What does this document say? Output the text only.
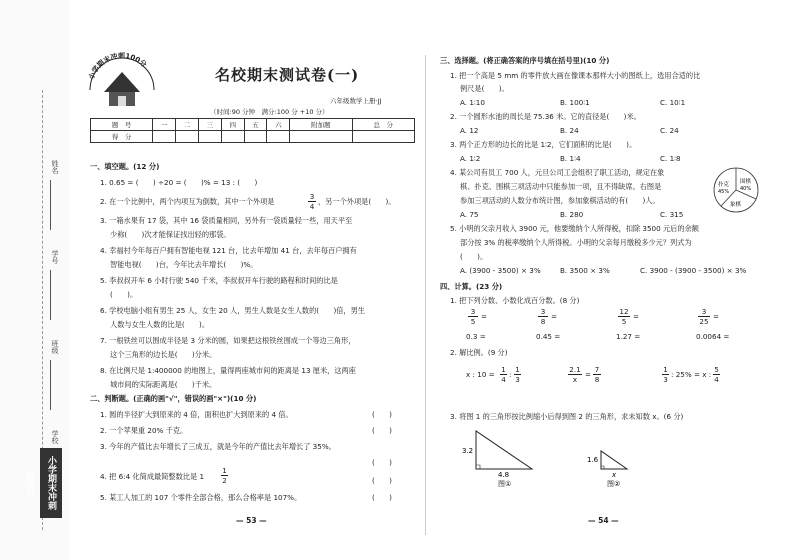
姓名
学号
班级
学校
小学期末冲刺100分
小学期末冲刺100分
名校期末测试卷(一)
六年级数学上册·JJ
（时间:90 分钟　满分:100 分 +10 分）
题　号	一	二	三	四	五	六	附加题	总　分
得　分								
一、填空题。(12 分)
1. 0.65 = (　　) ÷20 = (　　)% = 13 : (　　)
2. 在一个比例中，两个内项互为倒数，其中一个外项是	$\frac{3}{4}$ ，另一个外项是(　　)。
3. 一箱水果有 17 袋，其中 16 袋质量相同，另外有一袋质量轻一些，用天平至
少称(　　)次才能保证找出轻的那袋。
4. 幸福村今年每百户拥有智能电视 121 台，比去年增加 41 台，去年每百户拥有
智能电视(　　)台，今年比去年增长(　　)%。
5. 李叔叔开车 6 小时行驶 540 千米，李叔叔开车行驶的路程和时间的比是
(　　)。
6. 学校电脑小组有男生 25 人，女生 20 人，男生人数是女生人数的(　　)倍，男生
人数与女生人数的比是(　　)。
7. 一根铁丝可以围成半径是 3 分米的圆，如果把这根铁丝围成一个等边三角形，
这个三角形的边长是(　　)分米。
8. 在比例尺是 1:400000 的地图上，量得两座城市间的距离是 13 厘米，这两座
城市间的实际距离是(　　)千米。
二、判断题。(正确的画"√"，错误的画"×")(10 分)
1. 圆的半径扩大到原来的 4 倍，面积也扩大到原来的 4 倍。	(　　)
2. 一个苹果重 20% 千克。	(　　)
3. 今年的产值比去年增长了三成五，就是今年的产值比去年增长了 35%。
(　　)
4. 把 6:4 化简成最简整数比是 $1 \frac{1}{2}$	(　　)
5. 某工人加工的 107 个零件全部合格，那么合格率是 107%。	(　　)
— 53 —
三、选择题。(将正确答案的序号填在括号里)(10 分)
1. 把一个高是 5 mm 的零件放大画在像课本那样大小的图纸上，选用合适的比
例尺是(　　)。
A. 1∶10	B. 100∶1	C. 10∶1
2. 一个圆形水池的周长是 75.36 米。它的直径是(　　)米。
A. 12	B. 24	C. 24
3. 两个正方形的边长的比是 1∶2，它们面积的比是(　　)。
A. 1∶2	B. 1∶4	C. 1∶8
4. 某公司有员工 700 人，元旦公司工会组织了职工活动，规定在象
棋、扑克、围棋三项活动中只能参加一项，且不得缺席。右图是
参加三项活动的人数分布统计图，参加象棋活动的有(　　)人。
A. 75	B. 280	C. 315
扑克
45%
围棋
40%
象棋
5. 小明的父亲月收入 3900 元，他要缴纳个人所得税，扣除 3500 元后的余额
部分按 3% 的税率缴纳个人所得税。小明的父亲每月缴税多少元？列式为
(　　)。
A. (3900 - 3500) × 3%	B. 3500 × 3%	C. 3900 - (3900 - 3500) × 3%
四、计算。(23 分)
1. 把下列分数、小数化成百分数。(8 分)
$\frac{3}{5}$ =	$\frac{3}{8}$ =	$\frac{12}{5}$ =	$\frac{3}{25}$ =
0.3 =	0.45 =	1.27 =	0.0064 =
2. 解比例。(9 分)
x : $10 = \frac{1}{4}$ : $\frac{1}{3}$	$\frac{2.1}{x} = \frac{7}{8}$	$\frac{1}{3}$ : 25% = x : $\frac{5}{4}$
3. 将图 1 的三角形按比例缩小后得到图 2 的三角形，求未知数 x。(6 分)
3.2
4.8
图①
1.6
x
图②
— 54 —
